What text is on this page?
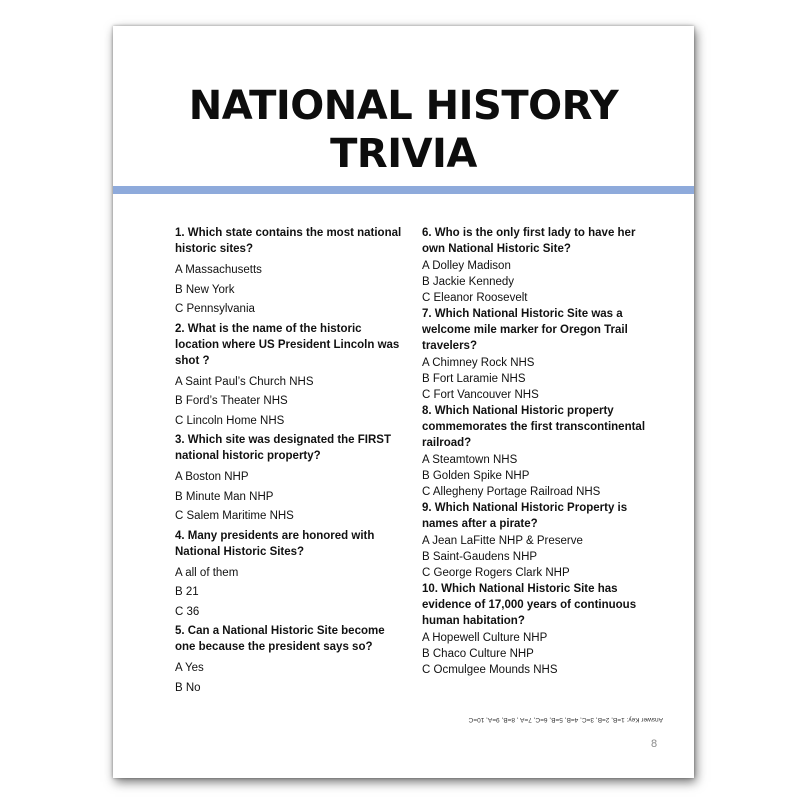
NATIONAL HISTORY
TRIVIA
1. Which state contains the most national historic sites?
A Massachusetts
B New York
C Pennsylvania
2. What is the name of the historic location where US President Lincoln was shot ?
A Saint Paul’s Church NHS
B Ford’s Theater NHS
C Lincoln Home NHS
3. Which site was designated the FIRST national historic property?
A Boston NHP
B Minute Man NHP
C Salem Maritime NHS
4. Many presidents are honored with National Historic Sites?
A all of them
B 21
C 36
5. Can a National Historic Site become one because the president says so?
A Yes
B No
6. Who is the only first lady to have her own National Historic Site?
A Dolley Madison
B Jackie Kennedy
C Eleanor Roosevelt
7. Which National Historic Site was a welcome mile marker for Oregon Trail travelers?
A Chimney Rock NHS
B Fort Laramie NHS
C Fort Vancouver NHS
8. Which National Historic property commemorates the first transcontinental railroad?
A Steamtown NHS
B Golden Spike NHP
C Allegheny Portage Railroad NHS
9. Which National Historic Property is names after a pirate?
A Jean LaFitte NHP & Preserve
B Saint-Gaudens NHP
C George Rogers Clark NHP
10. Which National Historic Site has evidence of 17,000 years of continuous human habitation?
A Hopewell Culture NHP
B Chaco Culture NHP
C Ocmulgee Mounds NHS
Answer Key: 1=B, 2=B, 3=C, 4=B, 5=B, 6=C, 7=A , 8=B, 9=A, 10=C
8
